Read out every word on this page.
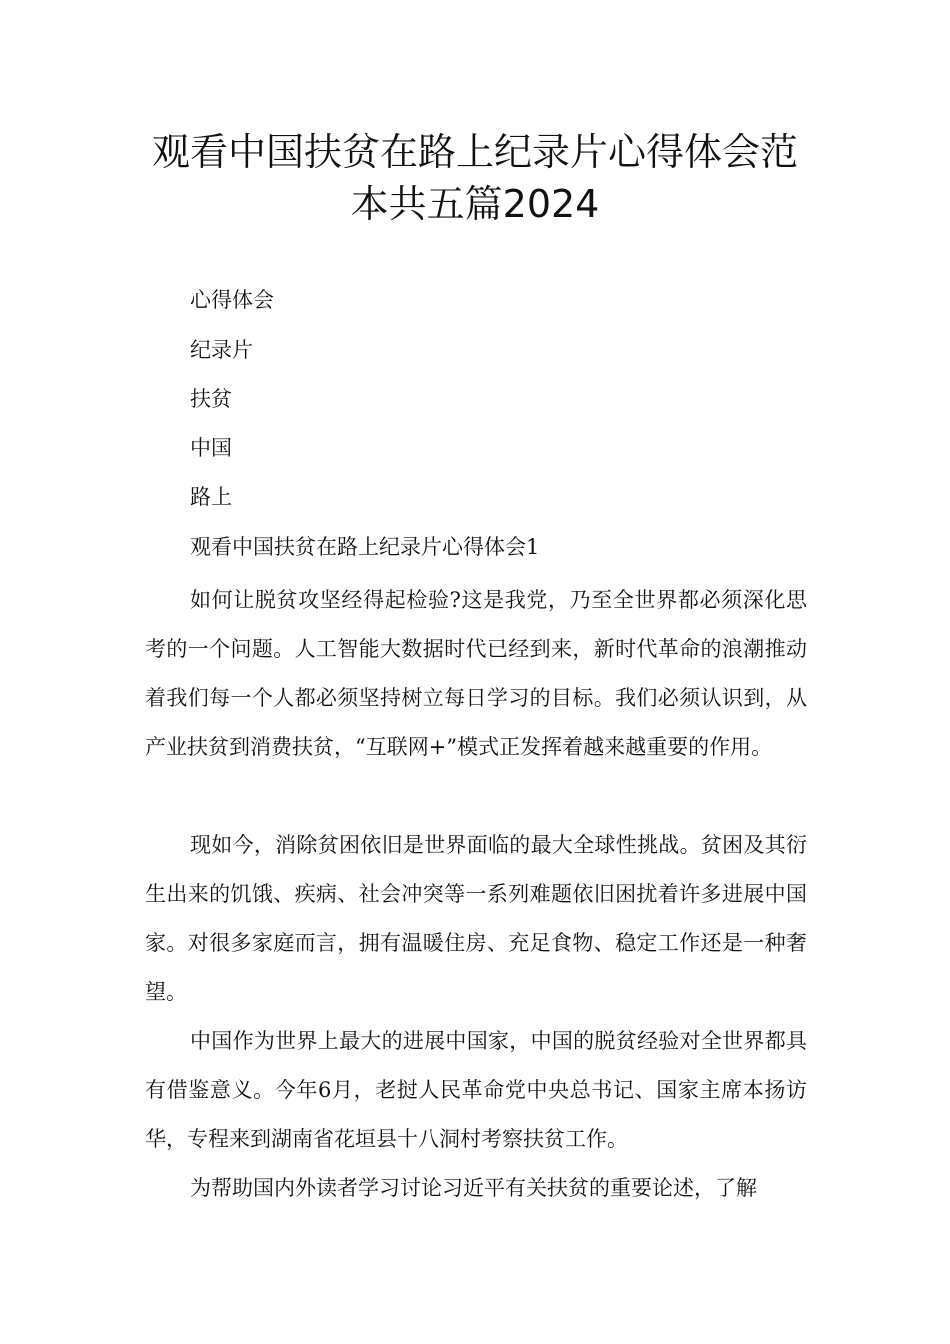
观看中国扶贫在路上纪录片心得体会范
本共五篇2024

心得体会

纪录片

扶贫

中国

路上

观看中国扶贫在路上纪录片心得体会1

如何让脱贫攻坚经得起检验?这是我党，乃至全世界都必须深化思考的一个问题。人工智能大数据时代已经到来，新时代革命的浪潮推动着我们每一个人都必须坚持树立每日学习的目标。我们必须认识到，从产业扶贫到消费扶贫，“互联网+”模式正发挥着越来越重要的作用。

现如今，消除贫困依旧是世界面临的最大全球性挑战。贫困及其衍生出来的饥饿、疾病、社会冲突等一系列难题依旧困扰着许多进展中国家。对很多家庭而言，拥有温暖住房、充足食物、稳定工作还是一种奢望。

中国作为世界上最大的进展中国家，中国的脱贫经验对全世界都具有借鉴意义。今年6月，老挝人民革命党中央总书记、国家主席本扬访华，专程来到湖南省花垣县十八洞村考察扶贫工作。

为帮助国内外读者学习讨论习近平有关扶贫的重要论述，了解
